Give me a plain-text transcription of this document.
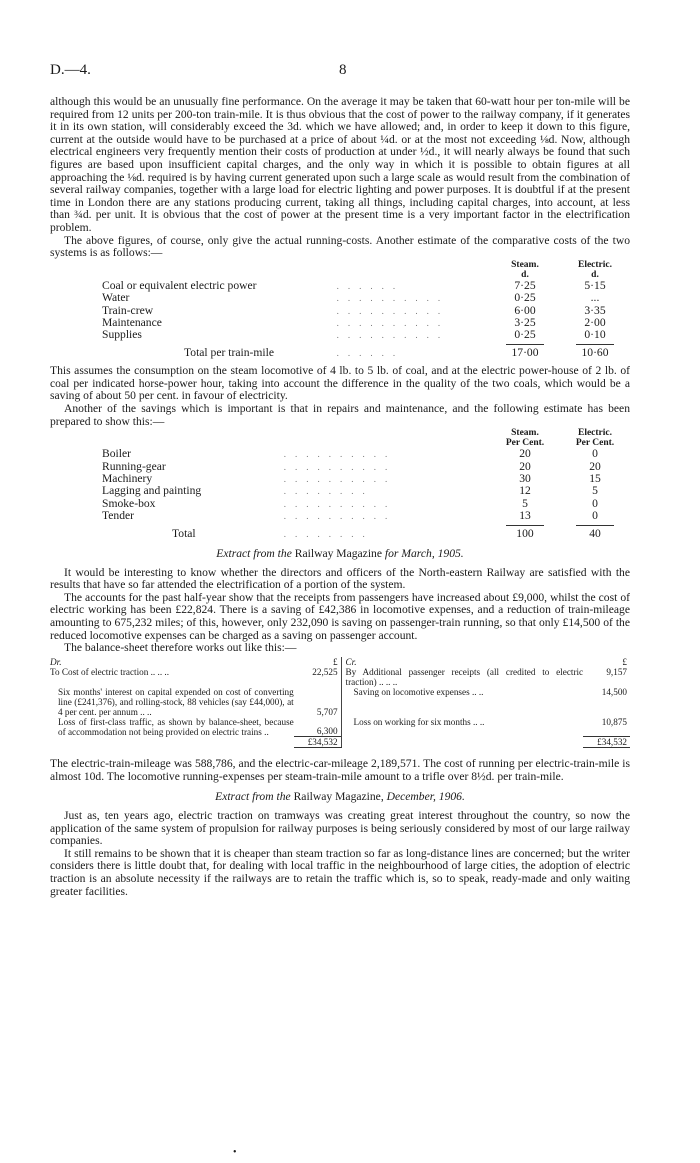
D.—4.	8

although this would be an unusually fine performance. On the average it may be taken that 60-watt hour per ton-mile will be required from 12 units per 200-ton train-mile. It is thus obvious that the cost of power to the railway company, if it generates it in its own station, will considerably exceed the 3d. which we have allowed; and, in order to keep it down to this figure, current at the outside would have to be purchased at a price of about ¼d. or at the most not exceeding ⅛d. Now, although electrical engineers very frequently mention their costs of production at under ½d., it will nearly always be found that such figures are based upon insufficient capital charges, and the only way in which it is possible to obtain figures at all approaching the ⅛d. required is by having current generated upon such a large scale as would result from the combination of several railway companies, together with a large load for electric lighting and power purposes. It is doubtful if at the present time in London there are any stations producing current, taking all things, including capital charges, into account, at less than ¾d. per unit. It is obvious that the cost of power at the present time is a very important factor in the electrification problem.

The above figures, of course, only give the actual running-costs. Another estimate of the comparative costs of the two systems is as follows:—

		Steam.	Electric.
		d.	d.
Coal or equivalent electric power	......	7·25	5·15
Water	..........	0·25	...
Train-crew	..........	6·00	3·35
Maintenance	..........	3·25	2·00
Supplies	..........	0·25	0·10

Total per train-mile	......	17·00	10·60

This assumes the consumption on the steam locomotive of 4 lb. to 5 lb. of coal, and at the electric power-house of 2 lb. of coal per indicated horse-power hour, taking into account the difference in the quality of the two coals, which would be a saving of about 50 per cent. in favour of electricity.

Another of the savings which is important is that in repairs and maintenance, and the following estimate has been prepared to show this:—

		Steam.	Electric.
		Per Cent.	Per Cent.
Boiler	..........	20	0
Running-gear	..........	20	20
Machinery	..........	30	15
Lagging and painting	........	12	5
Smoke-box	..........	5	0
Tender	..........	13	0

Total	........	100	40
Extract from the Railway Magazine for March, 1905.

It would be interesting to know whether the directors and officers of the North-eastern Railway are satisfied with the results that have so far attended the electrification of a portion of the system.

The accounts for the past half-year show that the receipts from passengers have increased about £9,000, whilst the cost of electric working has been £22,824. There is a saving of £42,386 in locomotive expenses, and a reduction of train-mileage amounting to 675,232 miles; of this, however, only 232,090 is saving on passenger-train running, so that only £14,500 of the reduced locomotive expenses can be charged as a saving on passenger account.

The balance-sheet therefore works out like this:—

Dr.	£	Cr.	£
To Cost of electric traction .. .. ..	22,525	By Additional passenger receipts (all credited to electric traction) .. .. ..	9,157
Six months' interest on capital expended on cost of converting line (£241,376), and rolling-stock, 88 vehicles (say £44,000), at 4 per cent. per annum .. ..	5,707	Saving on locomotive expenses .. ..	14,500
Loss of first-class traffic, as shown by balance-sheet, because of accommodation not being provided on electric trains ..	6,300	Loss on working for six months .. ..	10,875
	£34,532		£34,532

The electric-train-mileage was 588,786, and the electric-car-mileage 2,189,571. The cost of running per electric-train-mile is almost 10d. The locomotive running-expenses per steam-train-mile amount to a trifle over 8½d. per train-mile.

Extract from the Railway Magazine, December, 1906.

Just as, ten years ago, electric traction on tramways was creating great interest throughout the country, so now the application of the same system of propulsion for railway purposes is being seriously considered by most of our large railway companies.

It still remains to be shown that it is cheaper than steam traction so far as long-distance lines are concerned; but the writer considers there is little doubt that, for dealing with local traffic in the neighbourhood of large cities, the adoption of electric traction is an absolute necessity if the railways are to retain the traffic which is, so to speak, ready-made and only waiting greater facilities.

•
